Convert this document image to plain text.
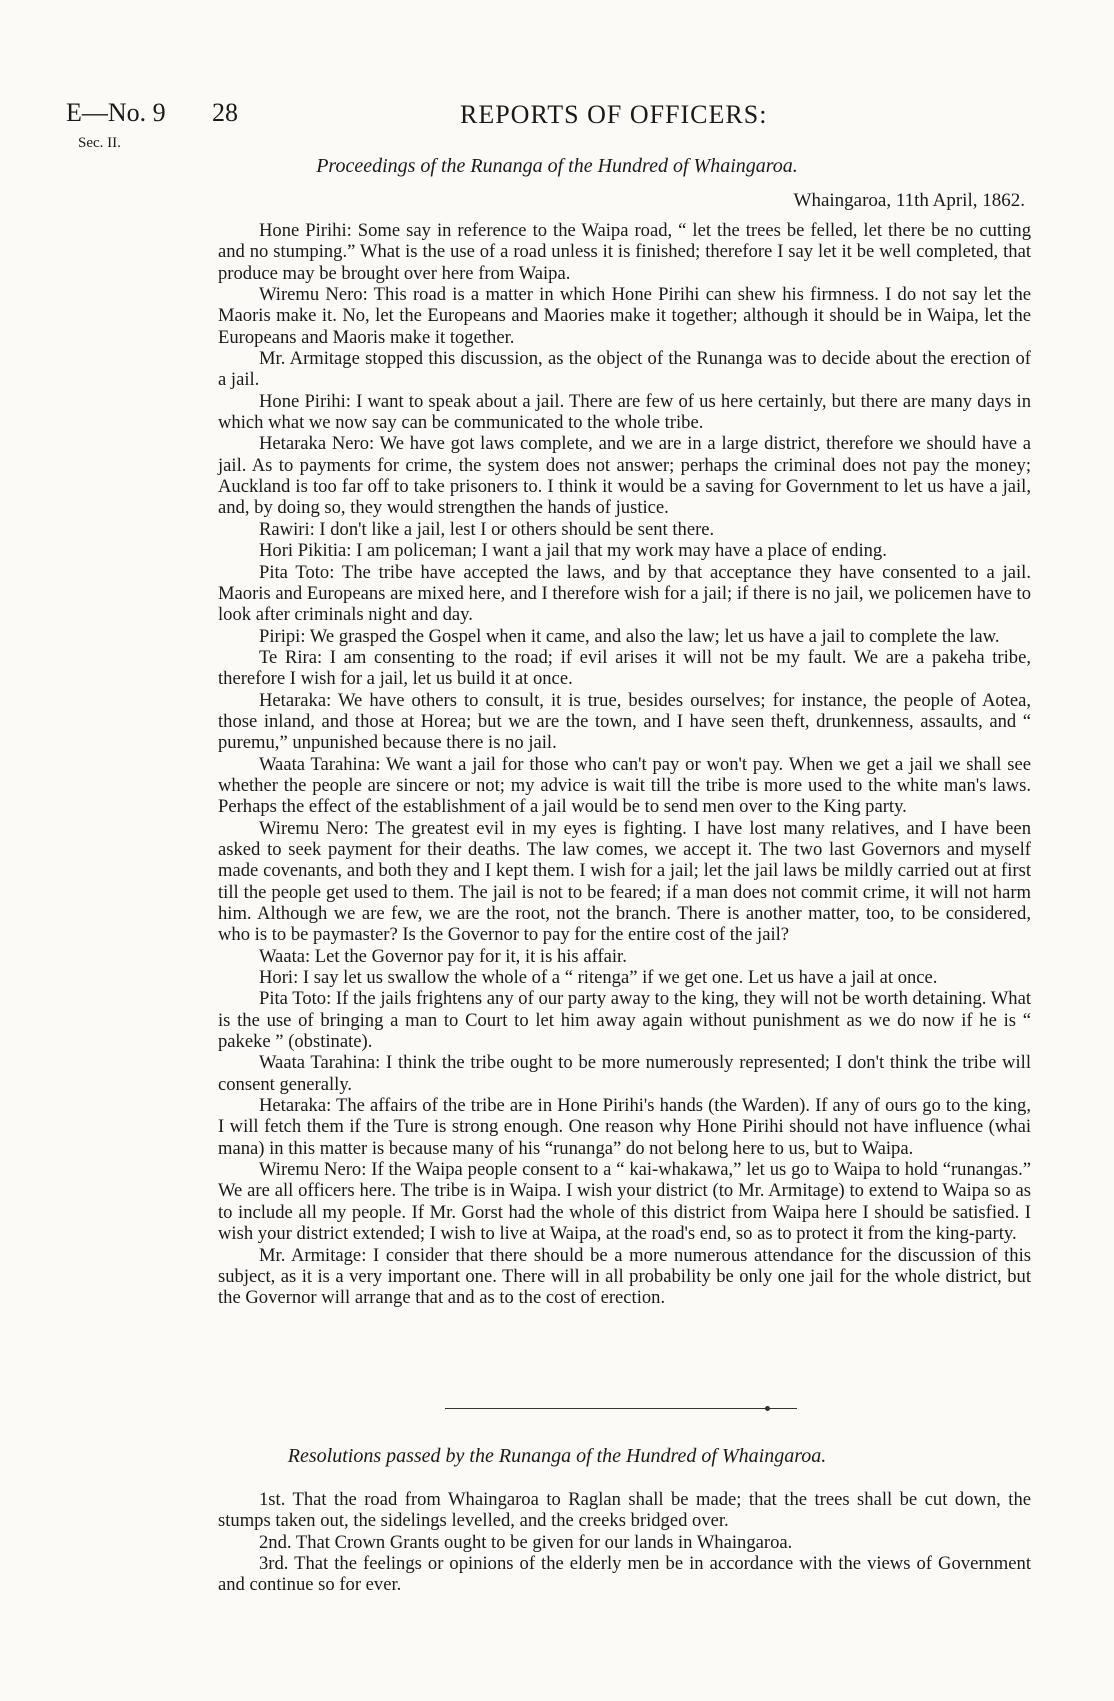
E—No. 9
Sec. II.
28	REPORTS OF OFFICERS:
Proceedings of the Runanga of the Hundred of Whaingaroa.
Whaingaroa, 11th April, 1862.

Hone Pirihi: Some say in reference to the Waipa road, “ let the trees be felled, let there be no cutting and no stumping.” What is the use of a road unless it is finished; therefore I say let it be well completed, that produce may be brought over here from Waipa.

Wiremu Nero: This road is a matter in which Hone Pirihi can shew his firmness. I do not say let the Maoris make it. No, let the Europeans and Maories make it together; although it should be in Waipa, let the Europeans and Maoris make it together.

Mr. Armitage stopped this discussion, as the object of the Runanga was to decide about the erection of a jail.

Hone Pirihi: I want to speak about a jail. There are few of us here certainly, but there are many days in which what we now say can be communicated to the whole tribe.

Hetaraka Nero: We have got laws complete, and we are in a large district, therefore we should have a jail. As to payments for crime, the system does not answer; perhaps the criminal does not pay the money; Auckland is too far off to take prisoners to. I think it would be a saving for Government to let us have a jail, and, by doing so, they would strengthen the hands of justice.

Rawiri: I don't like a jail, lest I or others should be sent there.

Hori Pikitia: I am policeman; I want a jail that my work may have a place of ending.

Pita Toto: The tribe have accepted the laws, and by that acceptance they have consented to a jail. Maoris and Europeans are mixed here, and I therefore wish for a jail; if there is no jail, we policemen have to look after criminals night and day.

Piripi: We grasped the Gospel when it came, and also the law; let us have a jail to complete the law.

Te Rira: I am consenting to the road; if evil arises it will not be my fault. We are a pakeha tribe, therefore I wish for a jail, let us build it at once.

Hetaraka: We have others to consult, it is true, besides ourselves; for instance, the people of Aotea, those inland, and those at Horea; but we are the town, and I have seen theft, drunkenness, assaults, and “ puremu,” unpunished because there is no jail.

Waata Tarahina: We want a jail for those who can't pay or won't pay. When we get a jail we shall see whether the people are sincere or not; my advice is wait till the tribe is more used to the white man's laws. Perhaps the effect of the establishment of a jail would be to send men over to the King party.

Wiremu Nero: The greatest evil in my eyes is fighting. I have lost many relatives, and I have been asked to seek payment for their deaths. The law comes, we accept it. The two last Governors and myself made covenants, and both they and I kept them. I wish for a jail; let the jail laws be mildly carried out at first till the people get used to them. The jail is not to be feared; if a man does not commit crime, it will not harm him. Although we are few, we are the root, not the branch. There is another matter, too, to be considered, who is to be paymaster? Is the Governor to pay for the entire cost of the jail?

Waata: Let the Governor pay for it, it is his affair.

Hori: I say let us swallow the whole of a “ ritenga” if we get one. Let us have a jail at once.

Pita Toto: If the jails frightens any of our party away to the king, they will not be worth detaining. What is the use of bringing a man to Court to let him away again without punishment as we do now if he is “ pakeke ” (obstinate).

Waata Tarahina: I think the tribe ought to be more numerously represented; I don't think the tribe will consent generally.

Hetaraka: The affairs of the tribe are in Hone Pirihi's hands (the Warden). If any of ours go to the king, I will fetch them if the Ture is strong enough. One reason why Hone Pirihi should not have influence (whai mana) in this matter is because many of his “runanga” do not belong here to us, but to Waipa.

Wiremu Nero: If the Waipa people consent to a “ kai-whakawa,” let us go to Waipa to hold “runangas.” We are all officers here. The tribe is in Waipa. I wish your district (to Mr. Armitage) to extend to Waipa so as to include all my people. If Mr. Gorst had the whole of this district from Waipa here I should be satisfied. I wish your district extended; I wish to live at Waipa, at the road's end, so as to protect it from the king-party.

Mr. Armitage: I consider that there should be a more numerous attendance for the discussion of this subject, as it is a very important one. There will in all probability be only one jail for the whole district, but the Governor will arrange that and as to the cost of erection.

Resolutions passed by the Runanga of the Hundred of Whaingaroa.

1st. That the road from Whaingaroa to Raglan shall be made; that the trees shall be cut down, the stumps taken out, the sidelings levelled, and the creeks bridged over.

2nd. That Crown Grants ought to be given for our lands in Whaingaroa.

3rd. That the feelings or opinions of the elderly men be in accordance with the views of Government and continue so for ever.
